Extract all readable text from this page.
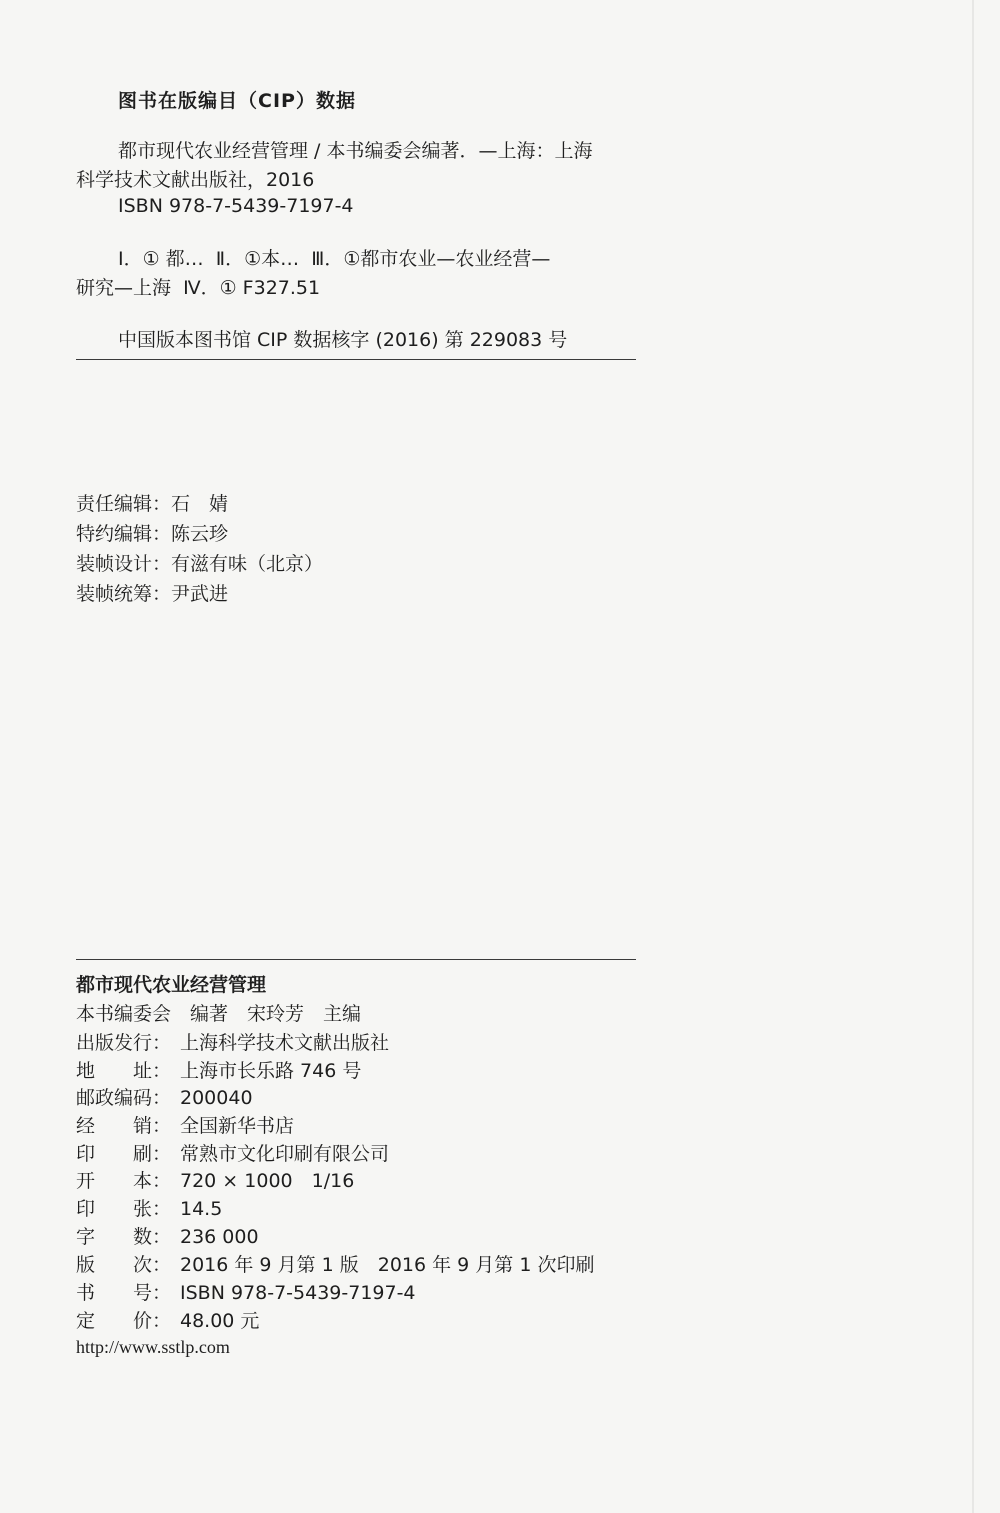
图书在版编目（CIP）数据
都市现代农业经营管理 / 本书编委会编著．—上海：上海
科学技术文献出版社，2016
ISBN 978-7-5439-7197-4
Ⅰ．① 都…  Ⅱ．①本…  Ⅲ．①都市农业—农业经营—
研究—上海  Ⅳ．① F327.51
中国版本图书馆 CIP 数据核字 (2016) 第 229083 号
责任编辑：石　婧
特约编辑：陈云珍
装帧设计：有滋有味（北京）
装帧统筹：尹武进
都市现代农业经营管理
本书编委会　编著　宋玲芳　主编
出版发行： 上海科学技术文献出版社
地　　址： 上海市长乐路 746 号
邮政编码： 200040
经　　销： 全国新华书店
印　　刷： 常熟市文化印刷有限公司
开　　本： 720 × 1000　1/16
印　　张： 14.5
字　　数： 236 000
版　　次： 2016 年 9 月第 1 版　2016 年 9 月第 1 次印刷
书　　号： ISBN 978-7-5439-7197-4
定　　价： 48.00 元
http://www.sstlp.com
